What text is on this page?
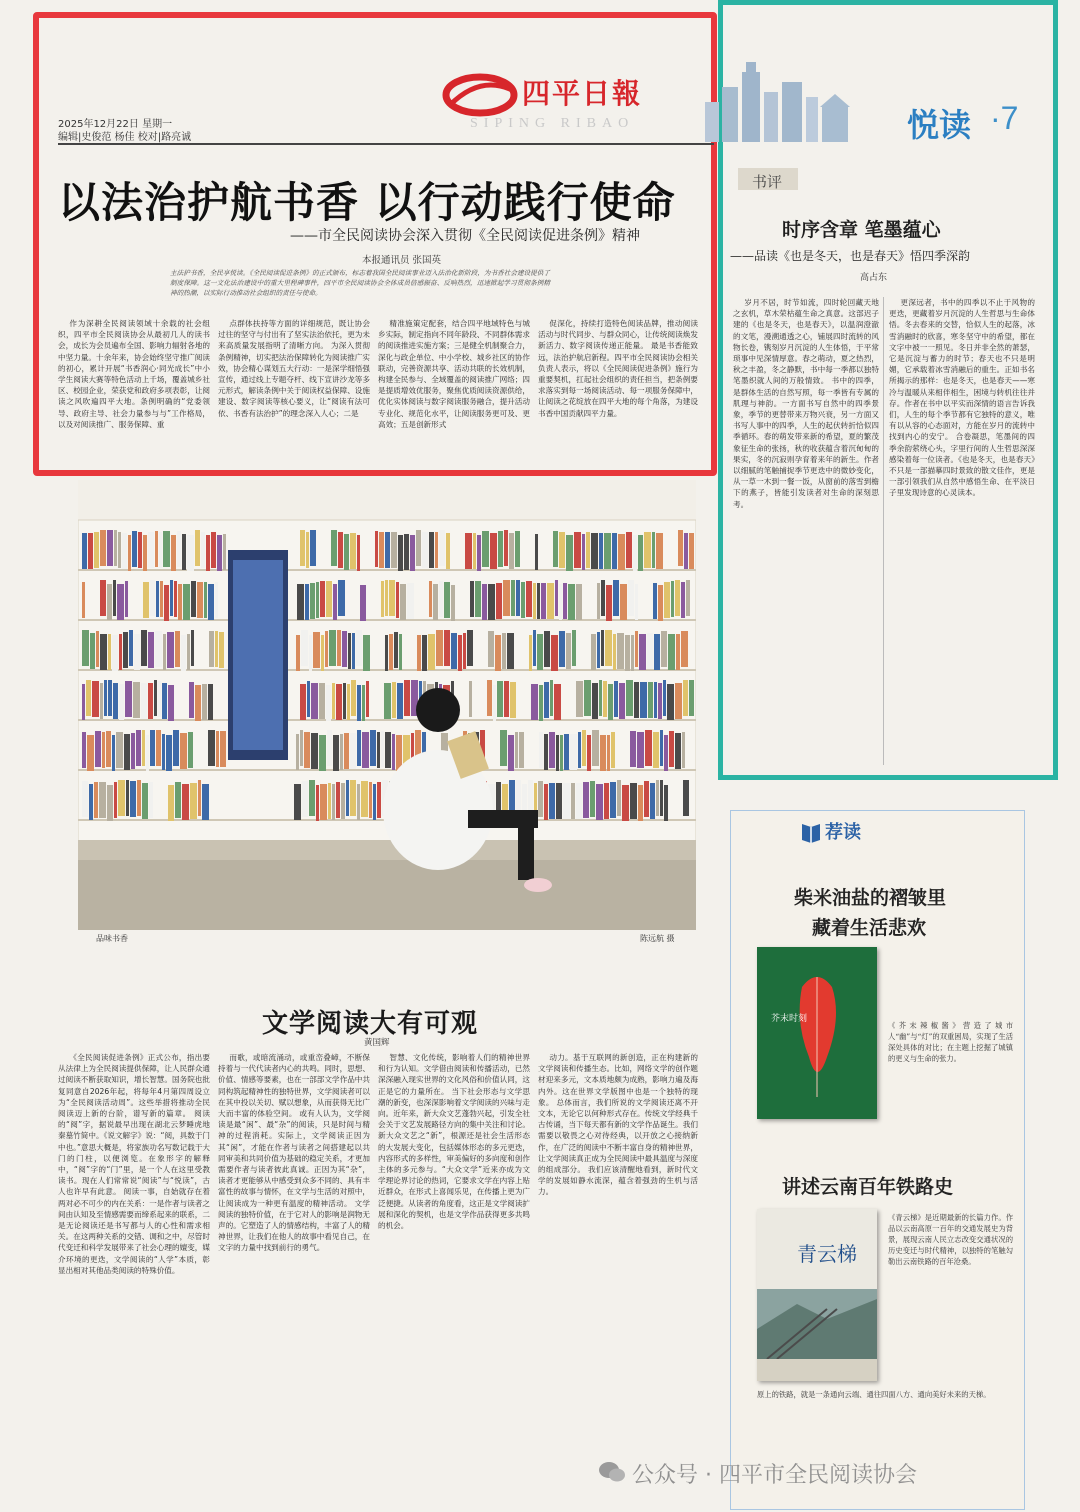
四平日報
SIPING RIBAO	悦读 ·7
2025年12月22日 星期一
编辑|史俊范 杨佳 校对|路亮诚
以法治护航书香 以行动践行使命
——市全民阅读协会深入贯彻《全民阅读促进条例》精神
本报通讯员 张国英
主法护书香，全民享悦读。《全民阅读促进条例》的正式颁布，标志着我国全民阅读事业迈入法治化新阶段，为书香社会建设提供了制度保障。这一文化法治建设中的重大里程碑事件，四平市全民阅读协会全体成员倍感振奋、反响热烈，迅速掀起学习贯彻条例精神的热潮，以实际行动推动社会组织的责任与使命。
作为深耕全民阅读领域十余载的社会组织，四平市全民阅读协会从最初几人的读书会，成长为会员遍布全国、影响力辐射各地的中坚力量。十余年来，协会始终坚守推广阅读的初心，累计开展“书香润心·同光成长”中小学生阅读大赛等特色活动上千场，覆盖城乡社区、校园企业，荣获党和政府多项表彰，让阅读之风吹遍四平大地。条例明确的“党委领导、政府主导、社会力量参与与”工作格局，以及对阅读推广、服务保障、重
点群体扶持等方面的详细规范，既让协会过往的坚守与付出有了坚实法治依托，更为未来高质量发展指明了清晰方向。 为深入贯彻条例精神，切实把法治保障转化为阅读推广实效，协会精心谋划五大行动：一是深学细悟强宣传，通过线上专题夺杆、线下宣讲沙龙等多元形式，解读条例中关于阅读权益保障、设施建设、数字阅读等核心要义，让“阅读有法可依、书香有法治护”的理念深入人心；二是
精准施策定配套，结合四平地域特色与城乡实际，制定指向不同年龄段、不同群体需求的阅读推进实施方案；三是健全机制聚合力，深化与政企单位、中小学校、城乡社区的协作联动，完善资源共享、活动共联的长效机制，构建全民参与、全域覆盖的阅读推广网络；四是提质增效优服务，聚焦优质阅读资源供给，优化实体阅读与数字阅读服务融合，提升活动专业化、规范化水平，让阅读服务更可及、更高效；五是创新形式
促深化，持续打造特色阅读品牌，推动阅读活动与时代同步、与群众同心，让传统阅读焕发新活力、数字阅读传递正能量。 最是书香能致远，法治护航启新程。四平市全民阅读协会相关负责人表示，将以《全民阅读促进条例》施行为重要契机，扛起社会组织的责任担当，把条例要求落实到每一场阅读活动、每一项服务保障中，让阅读之花绽放在四平大地的每个角落，为建设书香中国贡献四平力量。
书评
时序含章 笔墨蕴心
——品读《也是冬天，也是春天》悟四季深韵
高占东
岁月不居，时节如流，四时轮回藏天地之玄机，草木荣枯蕴生命之真意。这部迟子建的《也是冬天，也是春天》，以温润澄澈的文笔，漫溯通透之心，铺展四时流转的风物长卷，镌刻岁月沉淀的人生体悟，于平常琐事中见深情厚意。春之萌动，夏之热烈，秋之丰盈，冬之静默，书中每一季都以独特笔墨织就人间的万般情致。 书中的四季，是群体生活的自然写照，每一季皆有专属的肌理与神韵。一方面书写自然中的四季景象，季节的更替带来万物兴衰，另一方面又书写人事中的四季，人生的起伏转折恰似四季循环。春的萌发带来新的希望，夏的繁茂象征生命的张扬，秋的收获蕴含着沉甸甸的果实，冬的沉寂则孕育着来年的新生。作者以细腻的笔触捕捉季节更迭中的微妙变化，从一草一木到一餐一饭，从窗前的落雪到檐下的燕子，皆能引发读者对生命的深刻思考。
更深远者，书中的四季以不止于风物的更迭，更藏着岁月沉淀的人生哲思与生命体悟。冬去春来的交替，恰似人生的起落，冰雪消融时的欣喜，寒冬坚守中的希望，都在文字中被一一照见。冬日并非全然的萧瑟，它是沉淀与蓄力的时节；春天也不只是明媚，它承载着冰雪消融后的重生。正如书名所揭示的那样：也是冬天，也是春天——寒冷与温暖从来相伴相生，困境与转机往往并存。作者在书中以平实而深情的语言告诉我们，人生的每个季节都有它独特的意义，唯有以从容的心态面对，方能在岁月的流转中找到内心的安宁。 合卷凝思，笔墨间的四季余韵萦绕心头，字里行间的人生哲思深深感染着每一位读者。《也是冬天，也是春天》不只是一部描摹四时景致的散文佳作，更是一部引领我们从自然中感悟生命、在平淡日子里发现诗意的心灵读本。
品味书香	陈远航 摄
文学阅读大有可观
黄国辉
《全民阅读促进条例》正式公布，指出要从法律上为全民阅读提供保障，让人民群众通过阅读不断获取知识，增长智慧。国务院也批复同意自2026年起，将每年4月第四周设立为“全民阅读活动周”。这些举措将推动全民阅读迈上新的台阶，谱写新的篇章。 阅读的“阅”字，据说最早出现在湖北云梦睡虎地秦墓竹简中。《说文解字》说：“阅，具数于门中也。”意思大概是，将家族功名写数记载于大门的门柱，以便浏览。在象形字的解释中，“阅”字的“门”里，是一个人在这里受教读书。现在人们常常说“阅读”与“悦读”，古人也许早有此意。 阅读一事，自始就存在着两对必不可少的内在关系：一是作者与读者之间由认知及至情感需要而缔系起来的联系，二是无论阅读还是书写都与人的心性和需求相关。在这两种关系的交错、调和之中，尽管时代变迁和科学发展带来了社会心理的嬗变，媒介环境的更迭，文学阅读的“人学”本质，彰显出相对其他品类阅读的特殊价值。
而歌，或暗流涌动，或重峦叠嶂，不断保持着与一代代读者内心的共鸣。同时，思想、价值、情感等要素，也在一部部文学作品中共同构筑起精神性的独特世界，文学阅读者可以在其中投以关切、赋以想象，从而获得无比广大而丰富的体验空间。 或有人认为，文学阅读是最“闲”、最“杂”的阅读，只是时间与精神的过程消耗。实际上，文学阅读正因为其“闲”，才能在作者与读者之间搭建起以共同审美和共同价值为基础的稳定关系，才更加需要作者与读者彼此真诚。正因为其“杂”，读者才更能够从中感受到众多不同的、具有丰富性的故事与情怀，在文学与生活的对照中，让阅读成为一种更有温度的精神活动。 文学阅读的独特价值，在于它对人的影响是润物无声的。它塑造了人的情感结构，丰富了人的精神世界，让我们在他人的故事中看见自己，在文字的力量中找到前行的勇气。
智慧、文化传统，影响着人们的精神世界和行为认知。文学借由阅读和传播活动，已然深深融入现实世界的文化风俗和价值认同，这正是它的力量所在。 当下社会形态与文学思潮的新变，也深深影响着文学阅读的兴味与走向。近年来，新大众文艺蓬勃兴起，引发全社会关于文艺发展路径方向的集中关注和讨论。新大众文艺之“新”，根源还是社会生活形态的大发展大变化，包括媒体形态的多元更迭，内容形式的多样性，审美偏好的多向度和创作主体的多元参与。“大众文学”近来亦成为文学理论界讨论的热词，它要求文学在内容上贴近群众，在形式上喜闻乐见，在传播上更为广泛便捷。从读者的角度看，这正是文学阅读扩展和深化的契机，也是文学作品获得更多共鸣的机会。
动力。基于互联网的新创造，正在构建新的文学阅读和传播生态。比如，网络文学的创作题材迎来多元，文本质地颇为成熟，影响力遍及海内外。这在世界文学版图中也是一个独特的现象。 总体而言，我们所说的文学阅读还离不开文本，无论它以何种形式存在。传统文学经典千古传诵，当下每天都有新的文学作品诞生。我们需要以敬畏之心对待经典，以开放之心接纳新作，在广泛的阅读中不断丰富自身的精神世界，让文学阅读真正成为全民阅读中最具温度与深度的组成部分。 我们应该清醒地看到，新时代文学的发展如静水流深，蕴含着强劲的生机与活力。
荐读
柴米油盐的褶皱里
藏着生活悲欢
芥末时刻
《芥末辣椒酱》营造了城市人“幽”与“灯”的双重困局，实现了生活深处具体的对比；在主题上挖掘了城镇的更义与生命的张力。
讲述云南百年铁路史
青云梯
《青云梯》是近期最新的长篇力作。作品以云南高原一百年的交通发展史为背景，展现云南人民立志改变交通状况的历史变迁与时代精神，以独特的笔触勾勒出云南铁路的百年沧桑。
原上的铁路，就是一条通向云端、通往四面八方、通向美好未来的天梯。
公众号 · 四平市全民阅读协会
